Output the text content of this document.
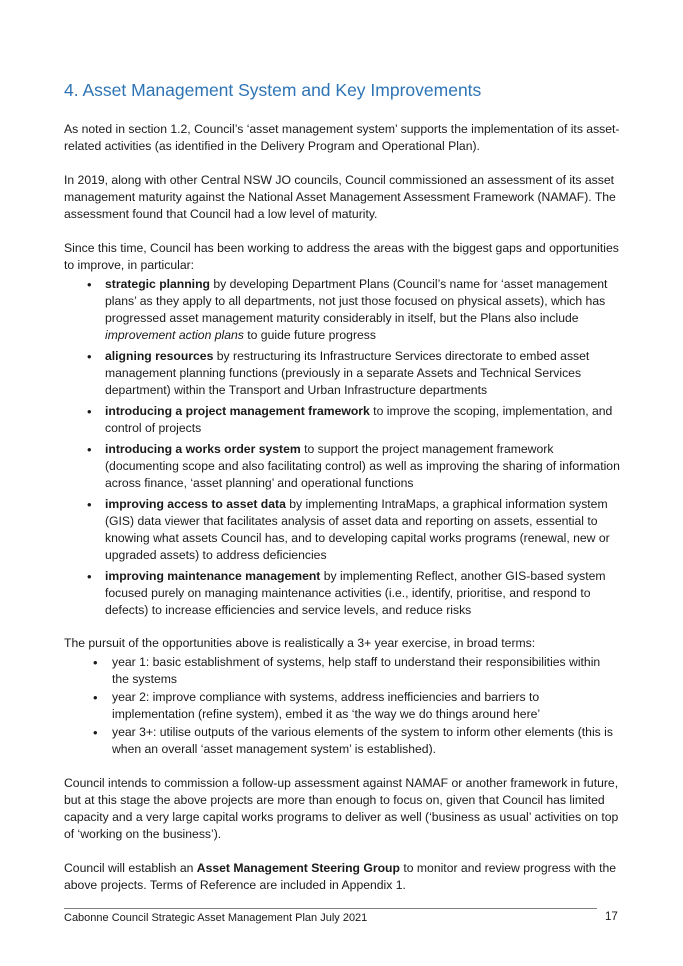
4. Asset Management System and Key Improvements

As noted in section 1.2, Council’s ‘asset management system’ supports the implementation of its asset-related activities (as identified in the Delivery Program and Operational Plan).

In 2019, along with other Central NSW JO councils, Council commissioned an assessment of its asset management maturity against the National Asset Management Assessment Framework (NAMAF). The assessment found that Council had a low level of maturity.

Since this time, Council has been working to address the areas with the biggest gaps and opportunities to improve, in particular:

• strategic planning by developing Department Plans (Council’s name for ‘asset management plans’ as they apply to all departments, not just those focused on physical assets), which has progressed asset management maturity considerably in itself, but the Plans also include improvement action plans to guide future progress
• aligning resources by restructuring its Infrastructure Services directorate to embed asset management planning functions (previously in a separate Assets and Technical Services department) within the Transport and Urban Infrastructure departments
• introducing a project management framework to improve the scoping, implementation, and control of projects
• introducing a works order system to support the project management framework (documenting scope and also facilitating control) as well as improving the sharing of information across finance, ‘asset planning’ and operational functions
• improving access to asset data by implementing IntraMaps, a graphical information system (GIS) data viewer that facilitates analysis of asset data and reporting on assets, essential to knowing what assets Council has, and to developing capital works programs (renewal, new or upgraded assets) to address deficiencies
• improving maintenance management by implementing Reflect, another GIS-based system focused purely on managing maintenance activities (i.e., identify, prioritise, and respond to defects) to increase efficiencies and service levels, and reduce risks

The pursuit of the opportunities above is realistically a 3+ year exercise, in broad terms:

• year 1: basic establishment of systems, help staff to understand their responsibilities within the systems
• year 2: improve compliance with systems, address inefficiencies and barriers to implementation (refine system), embed it as ‘the way we do things around here’
• year 3+: utilise outputs of the various elements of the system to inform other elements (this is when an overall ‘asset management system’ is established).

Council intends to commission a follow-up assessment against NAMAF or another framework in future, but at this stage the above projects are more than enough to focus on, given that Council has limited capacity and a very large capital works programs to deliver as well (‘business as usual’ activities on top of ‘working on the business’).

Council will establish an Asset Management Steering Group to monitor and review progress with the above projects. Terms of Reference are included in Appendix 1.

Cabonne Council Strategic Asset Management Plan July 2021	17
